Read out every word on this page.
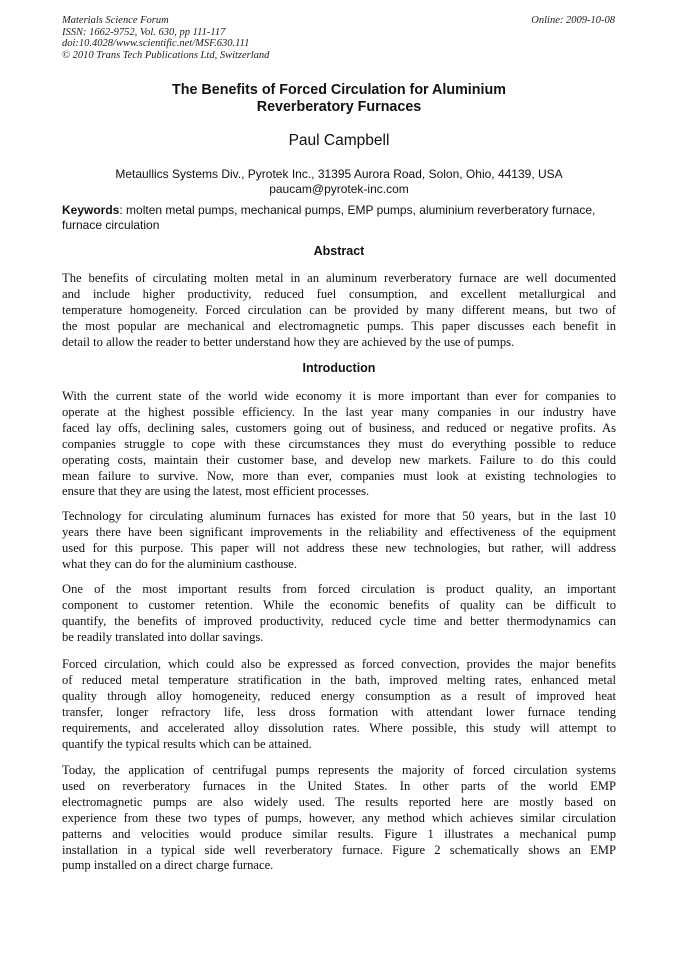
Materials Science Forum
ISSN: 1662-9752, Vol. 630, pp 111-117
doi:10.4028/www.scientific.net/MSF.630.111
© 2010 Trans Tech Publications Ltd, Switzerland
Online: 2009-10-08
The Benefits of Forced Circulation for Aluminium
Reverberatory Furnaces
Paul Campbell
Metaullics Systems Div., Pyrotek Inc., 31395 Aurora Road, Solon, Ohio, 44139, USA
paucam@pyrotek-inc.com
Keywords: molten metal pumps, mechanical pumps, EMP pumps, aluminium reverberatory furnace, furnace circulation
Abstract
The benefits of circulating molten metal in an aluminum reverberatory furnace are well documented
and include higher productivity, reduced fuel consumption, and excellent metallurgical and
temperature homogeneity. Forced circulation can be provided by many different means, but two of
the most popular are mechanical and electromagnetic pumps. This paper discusses each benefit in
detail to allow the reader to better understand how they are achieved by the use of pumps.
Introduction
With the current state of the world wide economy it is more important than ever for companies to
operate at the highest possible efficiency. In the last year many companies in our industry have
faced lay offs, declining sales, customers going out of business, and reduced or negative profits. As
companies struggle to cope with these circumstances they must do everything possible to reduce
operating costs, maintain their customer base, and develop new markets. Failure to do this could
mean failure to survive. Now, more than ever, companies must look at existing technologies to
ensure that they are using the latest, most efficient processes.
Technology for circulating aluminum furnaces has existed for more that 50 years, but in the last 10
years there have been significant improvements in the reliability and effectiveness of the equipment
used for this purpose. This paper will not address these new technologies, but rather, will address
what they can do for the aluminium casthouse.
One of the most important results from forced circulation is product quality, an important
component to customer retention. While the economic benefits of quality can be difficult to
quantify, the benefits of improved productivity, reduced cycle time and better thermodynamics can
be readily translated into dollar savings.
Forced circulation, which could also be expressed as forced convection, provides the major benefits
of reduced metal temperature stratification in the bath, improved melting rates, enhanced metal
quality through alloy homogeneity, reduced energy consumption as a result of improved heat
transfer, longer refractory life, less dross formation with attendant lower furnace tending
requirements, and accelerated alloy dissolution rates. Where possible, this study will attempt to
quantify the typical results which can be attained.
Today, the application of centrifugal pumps represents the majority of forced circulation systems
used on reverberatory furnaces in the United States. In other parts of the world EMP
electromagnetic pumps are also widely used. The results reported here are mostly based on
experience from these two types of pumps, however, any method which achieves similar circulation
patterns and velocities would produce similar results. Figure 1 illustrates a mechanical pump
installation in a typical side well reverberatory furnace. Figure 2 schematically shows an EMP
pump installed on a direct charge furnace.
